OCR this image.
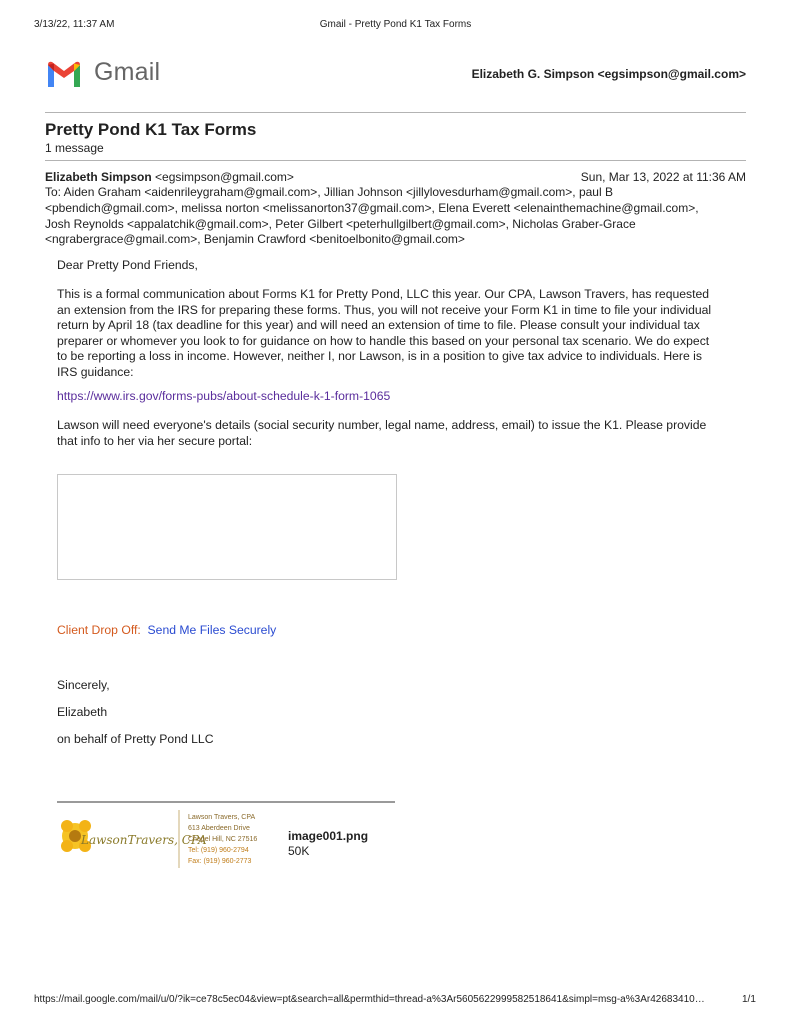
3/13/22, 11:37 AM	Gmail - Pretty Pond K1 Tax Forms
Gmail	Elizabeth G. Simpson <egsimpson@gmail.com>
Pretty Pond K1 Tax Forms
1 message
Elizabeth Simpson <egsimpson@gmail.com>	Sun, Mar 13, 2022 at 11:36 AM
To: Aiden Graham <aidenrileygraham@gmail.com>, Jillian Johnson <jillylovesdurham@gmail.com>, paul B
<pbendich@gmail.com>, melissa norton <melissanorton37@gmail.com>, Elena Everett <elenainthemachine@gmail.com>,
Josh Reynolds <appalatchik@gmail.com>, Peter Gilbert <peterhullgilbert@gmail.com>, Nicholas Graber-Grace
<ngrabergrace@gmail.com>, Benjamin Crawford <benitoelbonito@gmail.com>
Dear Pretty Pond Friends,
This is a formal communication about Forms K1 for Pretty Pond, LLC this year. Our CPA, Lawson Travers, has requested
an extension from the IRS for preparing these forms. Thus, you will not receive your Form K1 in time to file your individual
return by April 18 (tax deadline for this year) and will need an extension of time to file. Please consult your individual tax
preparer or whomever you look to for guidance on how to handle this based on your personal tax scenario. We do expect
to be reporting a loss in income. However, neither I, nor Lawson, is in a position to give tax advice to individuals. Here is
IRS guidance:
https://www.irs.gov/forms-pubs/about-schedule-k-1-form-1065
Lawson will need everyone's details (social security number, legal name, address, email) to issue the K1. Please provide
that info to her via her secure portal:
Client Drop Off: Send Me Files Securely
Sincerely,
Elizabeth
on behalf of Pretty Pond LLC
LawsonTravers, CPA
Lawson Travers, CPA
613 Aberdeen Drive
Chapel Hill, NC 27516
Tel: (919) 960-2794
Fax: (919) 960-2773
image001.png
50K
https://mail.google.com/mail/u/0/?ik=ce78c5ec04&view=pt&search=all&permthid=thread-a%3Ar5605622999582518641&simpl=msg-a%3Ar42683410…	1/1
